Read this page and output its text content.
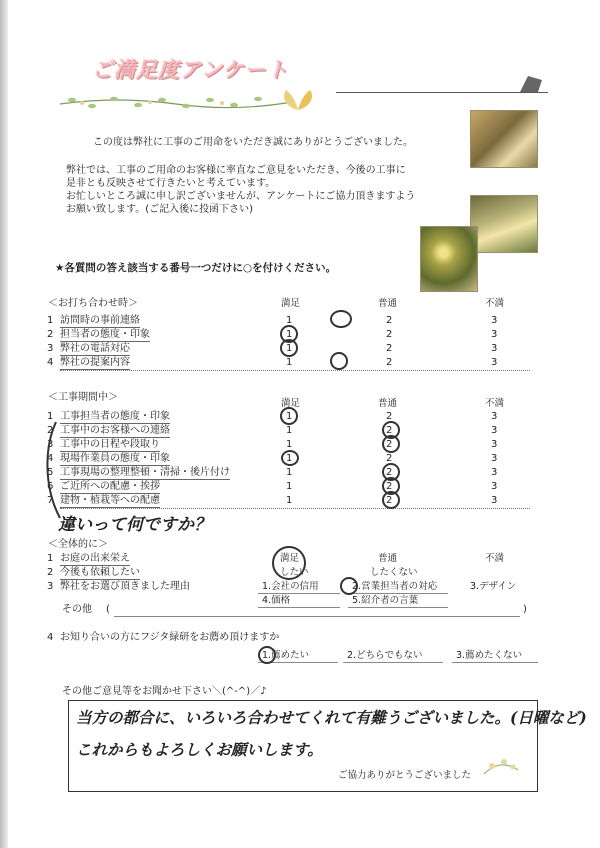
ご満足度アンケート
この度は弊社に工事のご用命をいただき誠にありがとうございました。
弊社では、工事のご用命のお客様に率直なご意見をいただき、今後の工事に
是非とも反映させて行きたいと考えています。
お忙しいところ誠に申し訳ございませんが、アンケートにご協力頂きますよう
お願い致します。(ご記入後に投函下さい)
★各質問の答え該当する番号一つだけに○を付けください。
＜お打ち合わせ時＞	満足	普通	不満
1 訪問時の事前連絡	1	2	3
2 担当者の態度・印象	1	2	3
3 弊社の電話対応	1	2	3
4 弊社の提案内容	1	2	3
＜工事期間中＞
満足	普通	不満
1 工事担当者の態度・印象	1	2	3
2 工事中のお客様への連絡	1	2	3
3 工事中の日程や段取り	1	2	3
4 現場作業員の態度・印象	1	2	3
5 工事現場の整理整頓・清掃・後片付け	1	2	3
6 ご近所への配慮・挨拶	1	2	3
7 建物・植栽等への配慮	1	2	3
違いって何ですか？
＜全体的に＞
1 お庭の出来栄え	満足	普通	不満
2 今後も依頼したい	したい	したくない
3 弊社をお選び頂きました理由	1.会社の信用	2.営業担当者の対応	3.デザイン
4.価格	5.紹介者の言葉
その他 (	)
4 お知り合いの方にフジタ緑研をお薦め頂けますか
1.薦めたい	2.どちらでもない	3.薦めたくない
その他ご意見等をお聞かせ下さい＼(^-^)／♪
当方の都合に、いろいろ合わせてくれて有難うございました。(日曜など)
これからもよろしくお願いします。
ご協力ありがとうございました
